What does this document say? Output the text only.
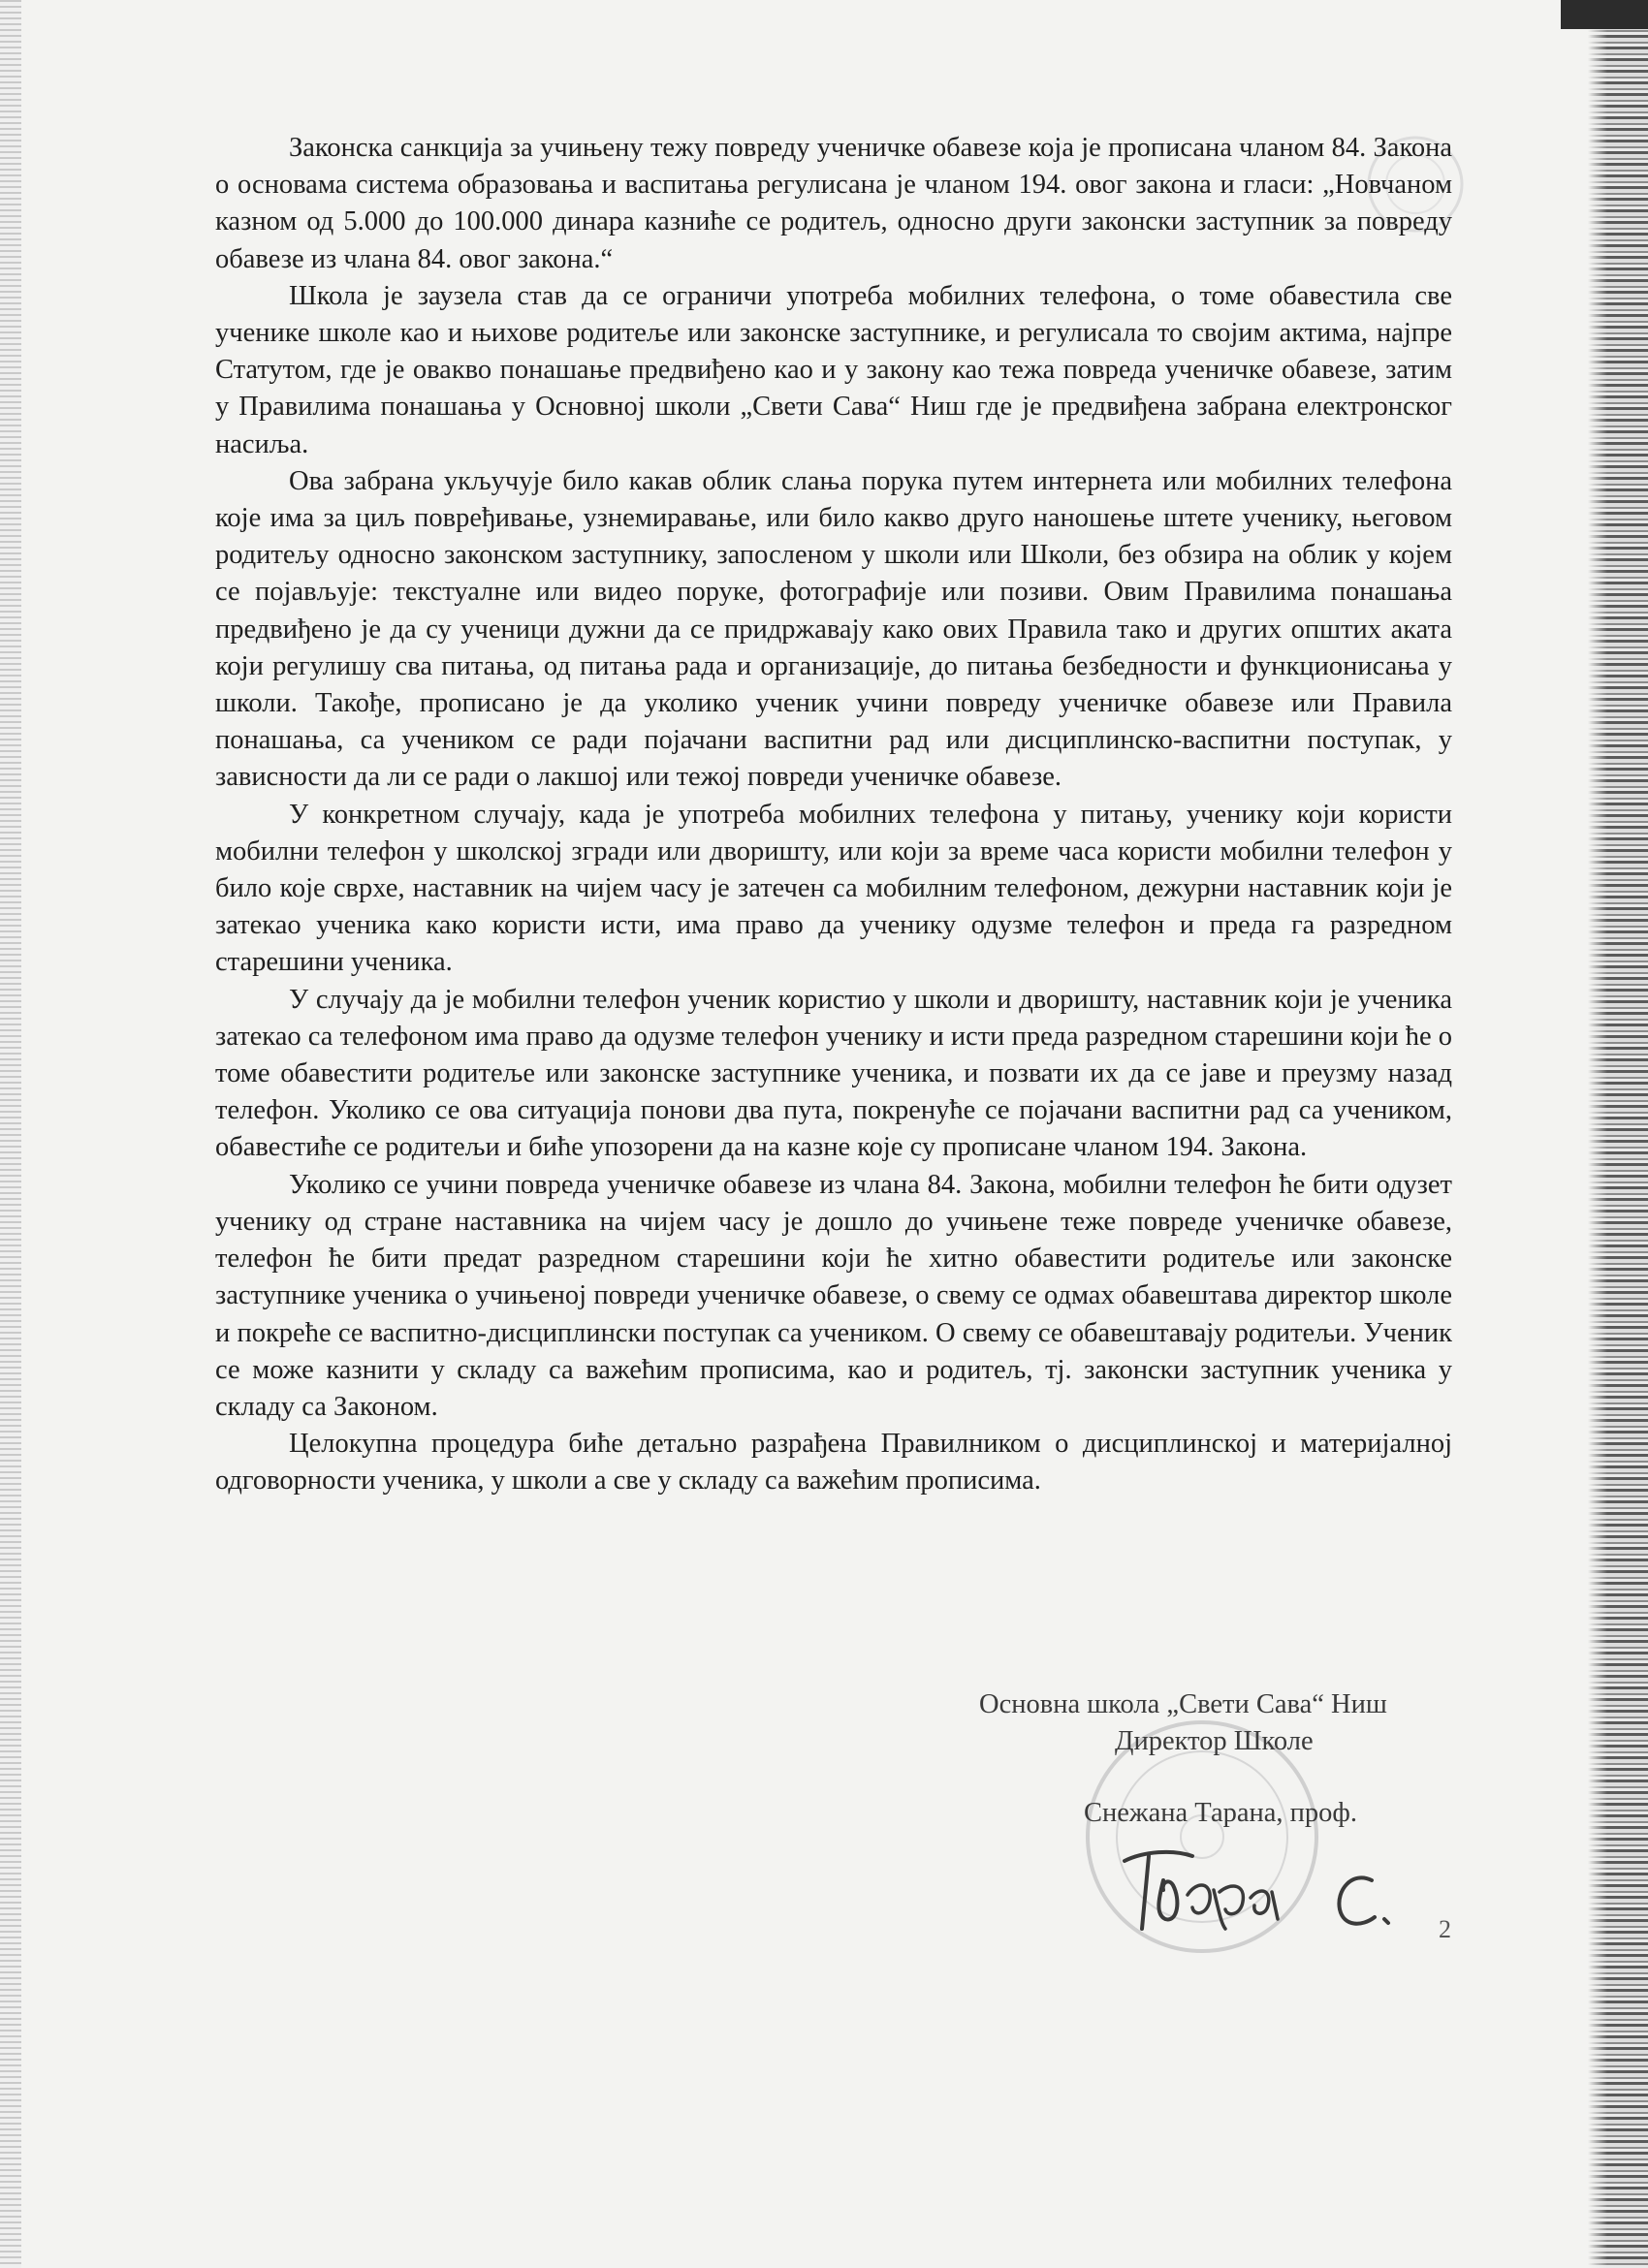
Законска санкција за учињену тежу повреду ученичке обавезе која је прописана чланом 84. Закона о основама система образовања и васпитања регулисана је чланом 194. овог закона и гласи: „Новчаном казном од 5.000 до 100.000 динара казниће се родитељ, односно други законски заступник за повреду обавезе из члана 84. овог закона.“

Школа је заузела став да се ограничи употреба мобилних телефона, о томе обавестила све ученике школе као и њихове родитеље или законске заступнике, и регулисала то својим актима, најпре Статутом, где је овакво понашање предвиђено као и у закону као тежа повреда ученичке обавезе, затим у Правилима понашања у Основној школи „Свети Сава“ Ниш где је предвиђена забрана електронског насиља.

Ова забрана укључује било какав облик слања порука путем интернета или мобилних телефона које има за циљ повређивање, узнемиравање, или било какво друго наношење штете ученику, његовом родитељу односно законском заступнику, запосленом у школи или Школи, без обзира на облик у којем се појављује: текстуалне или видео поруке, фотографије или позиви. Овим Правилима понашања предвиђено је да су ученици дужни да се придржавају како ових Правила тако и других општих аката који регулишу сва питања, од питања рада и организације, до питања безбедности и функционисања у школи. Такође, прописано је да уколико ученик учини повреду ученичке обавезе или Правила понашања, са учеником се ради појачани васпитни рад или дисциплинско-васпитни поступак, у зависности да ли се ради о лакшој или тежој повреди ученичке обавезе.

У конкретном случају, када је употреба мобилних телефона у питању, ученику који користи мобилни телефон у школској згради или дворишту, или који за време часа користи мобилни телефон у било које сврхе, наставник на чијем часу је затечен са мобилним телефоном, дежурни наставник који је затекао ученика како користи исти, има право да ученику одузме телефон и преда га разредном старешини ученика.

У случају да је мобилни телефон ученик користио у школи и дворишту, наставник који је ученика затекао са телефоном има право да одузме телефон ученику и исти преда разредном старешини који ће о томе обавестити родитеље или законске заступнике ученика, и позвати их да се јаве и преузму назад телефон. Уколико се ова ситуација понови два пута, покренуће се појачани васпитни рад са учеником, обавестиће се родитељи и биће упозорени да на казне које су прописане чланом 194. Закона.

Уколико се учини повреда ученичке обавезе из члана 84. Закона, мобилни телефон ће бити одузет ученику од стране наставника на чијем часу је дошло до учињене теже повреде ученичке обавезе, телефон ће бити предат разредном старешини који ће хитно обавестити родитеље или законске заступнике ученика о учињеној повреди ученичке обавезе, о свему се одмах обавештава директор школе и покреће се васпитно-дисциплински поступак са учеником. О свему се обавештавају родитељи. Ученик се може казнити у складу са важећим прописима, као и родитељ, тј. законски заступник ученика у складу са Законом.

Целокупна процедура биће детаљно разрађена Правилником о дисциплинској и материјалној одговорности ученика, у школи а све у складу са важећим прописима.

Основна школа „Свети Сава“ Ниш
Директор Школе
Снежана Тарана, проф.
2
